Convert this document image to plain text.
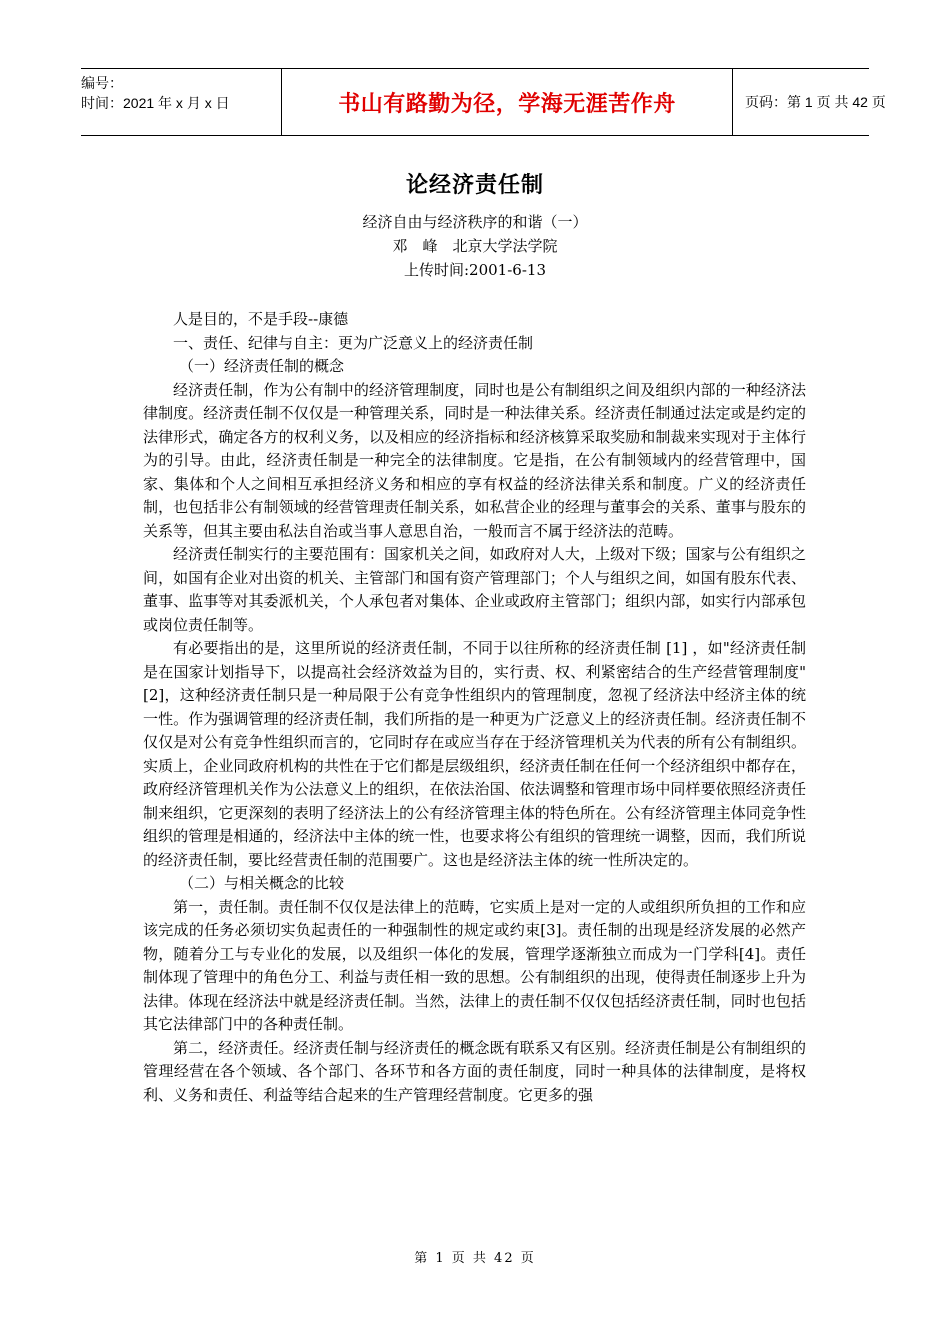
编号：
时间：2021 年 x 月 x 日	书山有路勤为径，学海无涯苦作舟	页码：第 1 页 共 42 页
论经济责任制
经济自由与经济秩序的和谐（一）
邓　峰　北京大学法学院
上传时间:2001-6-13

人是目的，不是手段--康德

一、责任、纪律与自主：更为广泛意义上的经济责任制

（一）经济责任制的概念

经济责任制，作为公有制中的经济管理制度，同时也是公有制组织之间及组织内部的一种经济法律制度。经济责任制不仅仅是一种管理关系，同时是一种法律关系。经济责任制通过法定或是约定的法律形式，确定各方的权利义务，以及相应的经济指标和经济核算采取奖励和制裁来实现对于主体行为的引导。由此，经济责任制是一种完全的法律制度。它是指，在公有制领域内的经营管理中，国家、集体和个人之间相互承担经济义务和相应的享有权益的经济法律关系和制度。广义的经济责任制，也包括非公有制领域的经营管理责任制关系，如私营企业的经理与董事会的关系、董事与股东的关系等，但其主要由私法自治或当事人意思自治，一般而言不属于经济法的范畴。

经济责任制实行的主要范围有：国家机关之间，如政府对人大，上级对下级；国家与公有组织之间，如国有企业对出资的机关、主管部门和国有资产管理部门；个人与组织之间，如国有股东代表、董事、监事等对其委派机关，个人承包者对集体、企业或政府主管部门；组织内部，如实行内部承包或岗位责任制等。

有必要指出的是，这里所说的经济责任制，不同于以往所称的经济责任制 [1] ，如"经济责任制是在国家计划指导下，以提高社会经济效益为目的，实行责、权、利紧密结合的生产经营管理制度"[2]，这种经济责任制只是一种局限于公有竞争性组织内的管理制度，忽视了经济法中经济主体的统一性。作为强调管理的经济责任制，我们所指的是一种更为广泛意义上的经济责任制。经济责任制不仅仅是对公有竞争性组织而言的，它同时存在或应当存在于经济管理机关为代表的所有公有制组织。实质上，企业同政府机构的共性在于它们都是层级组织，经济责任制在任何一个经济组织中都存在，政府经济管理机关作为公法意义上的组织，在依法治国、依法调整和管理市场中同样要依照经济责任制来组织，它更深刻的表明了经济法上的公有经济管理主体的特色所在。公有经济管理主体同竞争性组织的管理是相通的，经济法中主体的统一性，也要求将公有组织的管理统一调整，因而，我们所说的经济责任制，要比经营责任制的范围要广。这也是经济法主体的统一性所决定的。

（二）与相关概念的比较

第一，责任制。责任制不仅仅是法律上的范畴，它实质上是对一定的人或组织所负担的工作和应该完成的任务必须切实负起责任的一种强制性的规定或约束[3]。责任制的出现是经济发展的必然产物，随着分工与专业化的发展，以及组织一体化的发展，管理学逐渐独立而成为一门学科[4]。责任制体现了管理中的角色分工、利益与责任相一致的思想。公有制组织的出现，使得责任制逐步上升为法律。体现在经济法中就是经济责任制。当然，法律上的责任制不仅仅包括经济责任制，同时也包括其它法律部门中的各种责任制。

第二，经济责任。经济责任制与经济责任的概念既有联系又有区别。经济责任制是公有制组织的管理经营在各个领域、各个部门、各环节和各方面的责任制度，同时一种具体的法律制度，是将权利、义务和责任、利益等结合起来的生产管理经营制度。它更多的强

第 1 页 共 42 页
